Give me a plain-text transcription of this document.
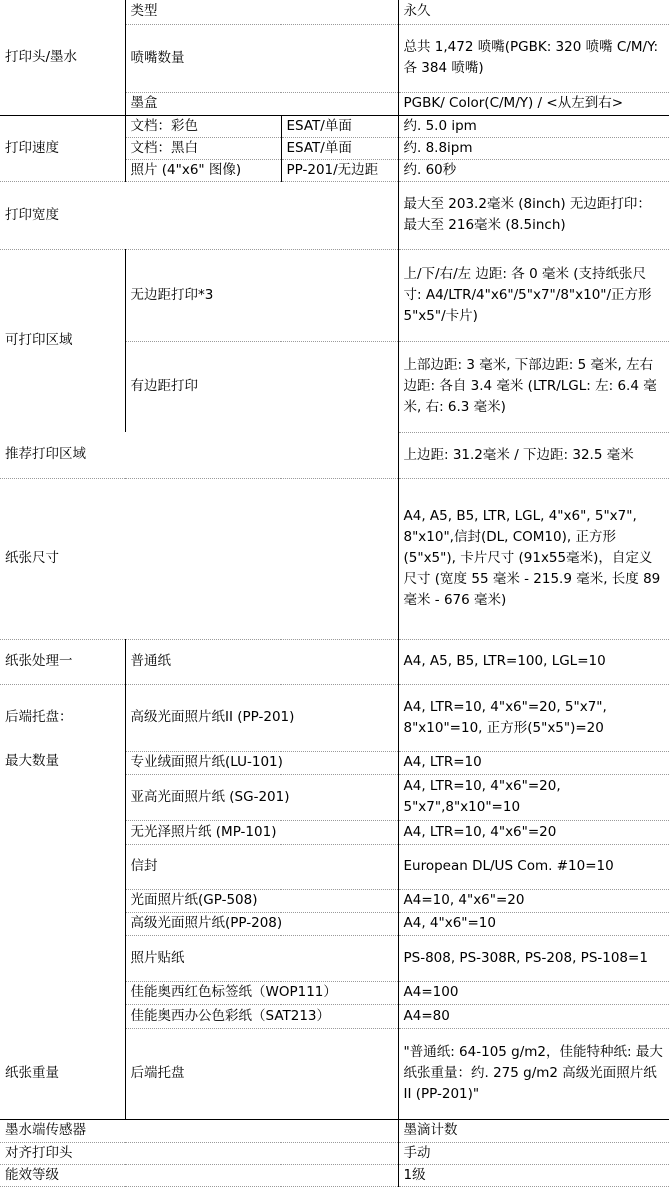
打印头/墨水	类型		永久
	喷嘴数量		总共 1,472 喷嘴(PGBK: 320 喷嘴 C/M/Y: 各 384 喷嘴)
	墨盒		PGBK/ Color(C/M/Y) / <从左到右>
打印速度	文档：彩色	ESAT/单面	约. 5.0 ipm
	文档：黑白	ESAT/单面	约. 8.8ipm
	照片 (4"x6" 图像)	PP-201/无边距	约. 60秒
打印宽度			最大至 203.2毫米 (8inch) 无边距打印：最大至 216毫米 (8.5inch)
可打印区域	无边距打印*3		上/下/右/左 边距: 各 0 毫米 (支持纸张尺寸: A4/LTR/4"x6"/5"x7"/8"x10"/正方形5"x5"/卡片)
	有边距打印		上部边距: 3 毫米, 下部边距: 5 毫米, 左右边距: 各自 3.4 毫米 (LTR/LGL: 左: 6.4 毫米, 右: 6.3 毫米)
推荐打印区域			上边距: 31.2毫米 / 下边距: 32.5 毫米
纸张尺寸			A4, A5, B5, LTR, LGL, 4"x6", 5"x7", 8"x10",信封(DL, COM10), 正方形(5"x5"), 卡片尺寸 (91x55毫米)，自定义尺寸 (宽度 55 毫米 - 215.9 毫米, 长度 89 毫米 - 676 毫米)
纸张处理一	普通纸		A4, A5, B5, LTR=100, LGL=10
后端托盘：	高级光面照片纸II (PP-201)		A4, LTR=10, 4"x6"=20, 5"x7", 8"x10"=10, 正方形(5"x5")=20
最大数量	专业绒面照片纸(LU-101)		A4, LTR=10
	亚高光面照片纸 (SG-201)		A4, LTR=10, 4"x6"=20, 5"x7",8"x10"=10
	无光泽照片纸 (MP-101)		A4, LTR=10, 4"x6"=20
	信封		European DL/US Com. #10=10
	光面照片纸(GP-508)		A4=10, 4"x6"=20
	高级光面照片纸(PP-208)		A4, 4"x6"=10
	照片贴纸		PS-808, PS-308R, PS-208, PS-108=1
	佳能奥西红色标签纸（WOP111）		A4=100
	佳能奥西办公色彩纸（SAT213）		A4=80
纸张重量	后端托盘		"普通纸: 64-105 g/m2，佳能特种纸: 最大纸张重量：约. 275 g/m2 高级光面照片纸 II (PP-201)"
墨水端传感器			墨滴计数
对齐打印头			手动
能效等级			1级
